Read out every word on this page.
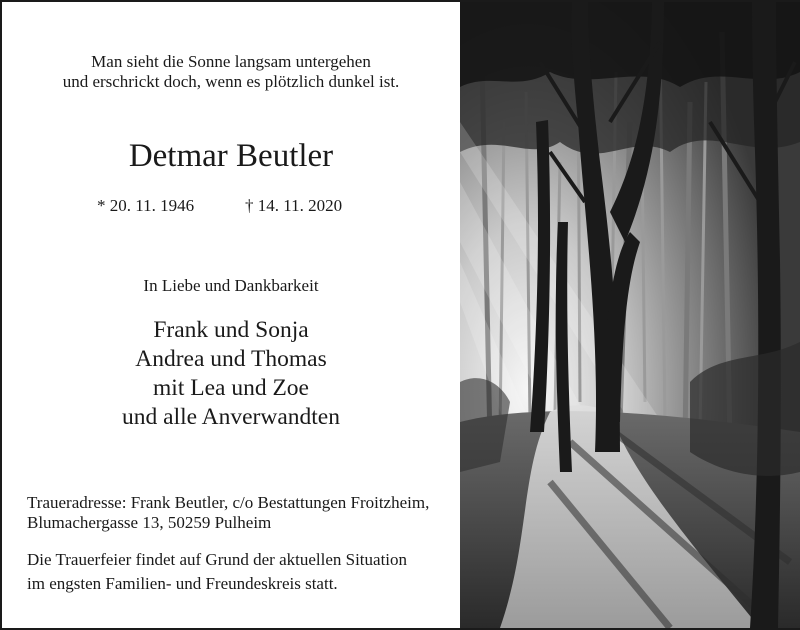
Man sieht die Sonne langsam untergehen
und erschrickt doch, wenn es plötzlich dunkel ist.
Detmar Beutler
* 20. 11. 1946	† 14. 11. 2020
In Liebe und Dankbarkeit
Frank und Sonja
Andrea und Thomas
mit Lea und Zoe
und alle Anverwandten
Traueradresse: Frank Beutler, c/o Bestattungen Froitzheim,
Blumachergasse 13, 50259 Pulheim
Die Trauerfeier findet auf Grund der aktuellen Situation
im engsten Familien- und Freundeskreis statt.
